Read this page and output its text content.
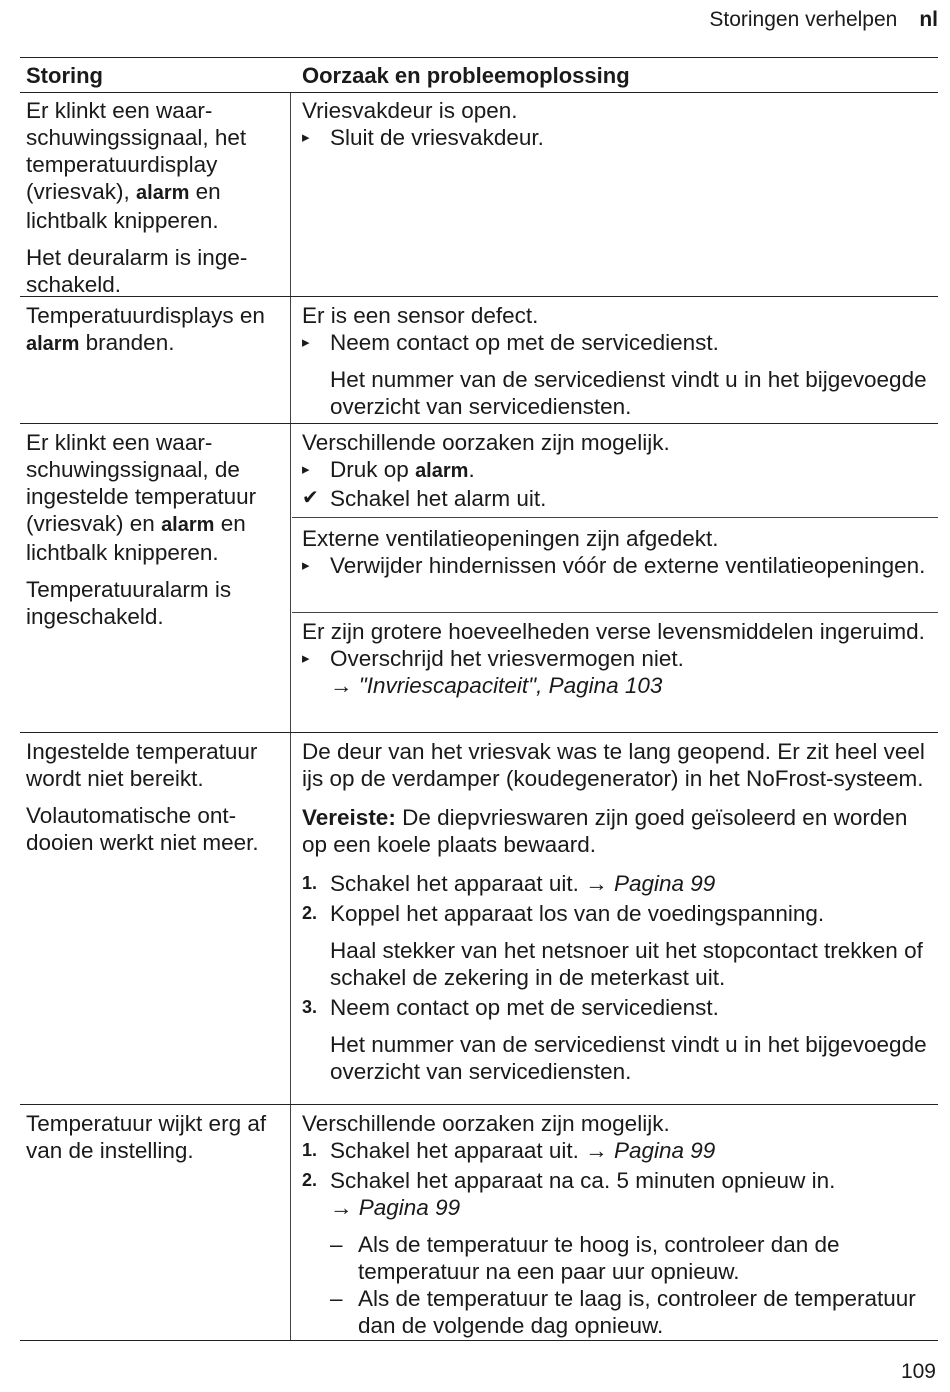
Storingen verhelpen nl
Storing	Oorzaak en probleemoplossing

Er klinkt een waarschuwingssignaal, het temperatuurdisplay (vriesvak), alarm en lichtbalk knipperen.

Het deuralarm is ingeschakeld.

Vriesvakdeur is open.

▸ Sluit de vriesvakdeur.

Temperatuurdisplays en alarm branden.

Er is een sensor defect.

▸ Neem contact op met de servicedienst.

Het nummer van de servicedienst vindt u in het bijgevoegde overzicht van servicediensten.

Er klinkt een waarschuwingssignaal, de ingestelde temperatuur (vriesvak) en alarm en lichtbalk knipperen.

Temperatuuralarm is ingeschakeld.

Verschillende oorzaken zijn mogelijk.

▸ Druk op alarm.

✔ Schakel het alarm uit.

Externe ventilatieopeningen zijn afgedekt.

▸ Verwijder hindernissen vóór de externe ventilatieopeningen.

Er zijn grotere hoeveelheden verse levensmiddelen ingeruimd.

▸ Overschrijd het vriesvermogen niet.

→ "Invriescapaciteit", Pagina 103

Ingestelde temperatuur wordt niet bereikt.

Volautomatische ontdooien werkt niet meer.

De deur van het vriesvak was te lang geopend. Er zit heel veel ijs op de verdamper (koudegenerator) in het NoFrost-systeem.

Vereiste: De diepvrieswaren zijn goed geïsoleerd en worden op een koele plaats bewaard.

1. Schakel het apparaat uit. → Pagina 99

2. Koppel het apparaat los van de voedingspanning.

Haal stekker van het netsnoer uit het stopcontact trekken of schakel de zekering in de meterkast uit.

3. Neem contact op met de servicedienst.

Het nummer van de servicedienst vindt u in het bijgevoegde overzicht van servicediensten.

Temperatuur wijkt erg af van de instelling.

Verschillende oorzaken zijn mogelijk.

1. Schakel het apparaat uit. → Pagina 99

2. Schakel het apparaat na ca. 5 minuten opnieuw in.
→ Pagina 99

– Als de temperatuur te hoog is, controleer dan de temperatuur na een paar uur opnieuw.

– Als de temperatuur te laag is, controleer de temperatuur dan de volgende dag opnieuw.

109
